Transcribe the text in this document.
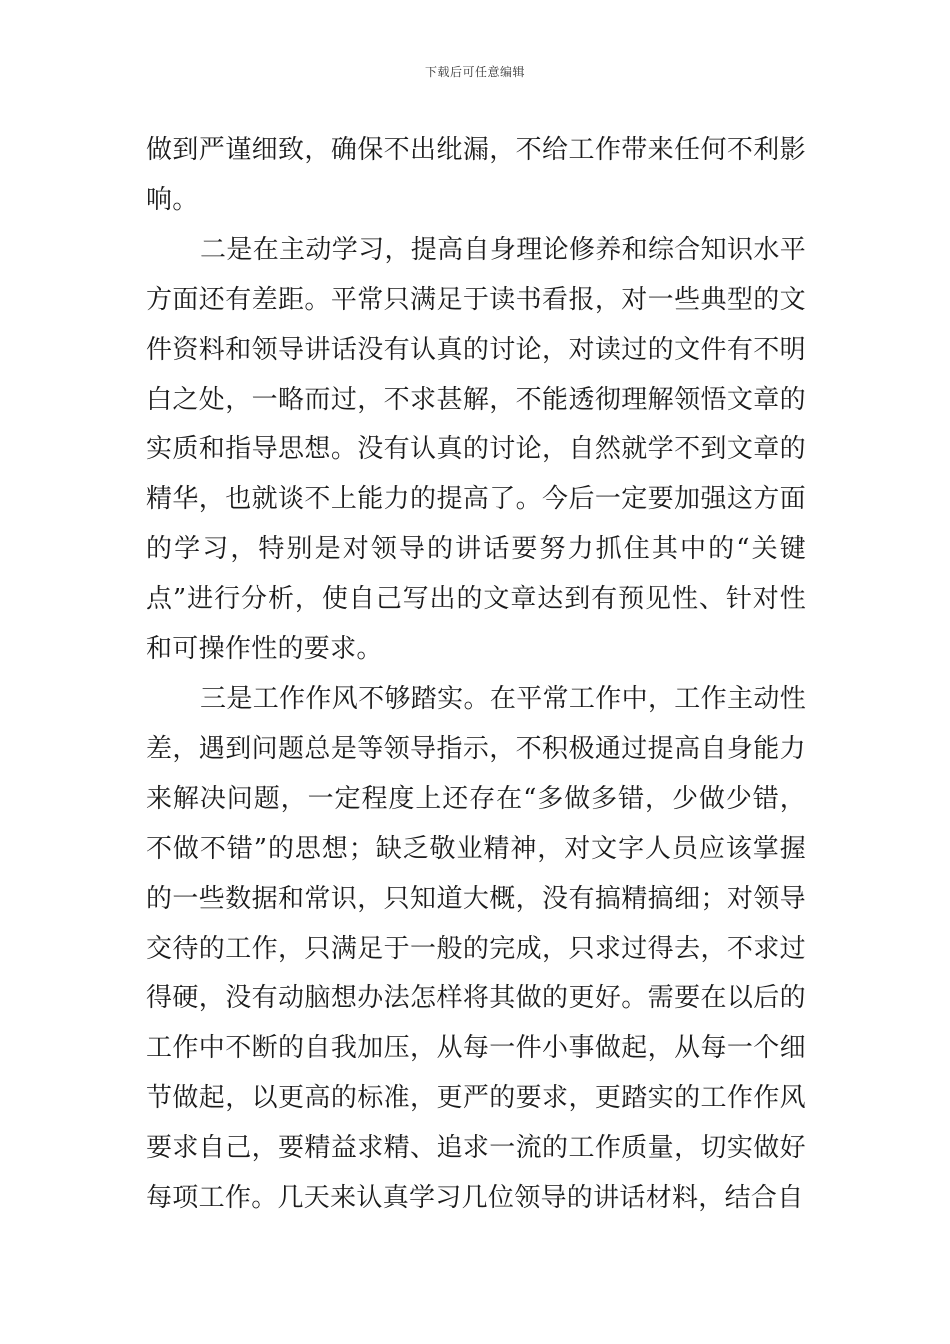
下载后可任意编辑

做到严谨细致，确保不出纰漏，不给工作带来任何不利影响。

二是在主动学习，提高自身理论修养和综合知识水平方面还有差距。平常只满足于读书看报，对一些典型的文件资料和领导讲话没有认真的讨论，对读过的文件有不明白之处，一略而过，不求甚解，不能透彻理解领悟文章的实质和指导思想。没有认真的讨论，自然就学不到文章的精华，也就谈不上能力的提高了。今后一定要加强这方面的学习，特别是对领导的讲话要努力抓住其中的“关键点”进行分析，使自己写出的文章达到有预见性、针对性和可操作性的要求。

三是工作作风不够踏实。在平常工作中，工作主动性差，遇到问题总是等领导指示，不积极通过提高自身能力来解决问题，一定程度上还存在“多做多错，少做少错，不做不错”的思想；缺乏敬业精神，对文字人员应该掌握的一些数据和常识，只知道大概，没有搞精搞细；对领导交待的工作，只满足于一般的完成，只求过得去，不求过得硬，没有动脑想办法怎样将其做的更好。需要在以后的工作中不断的自我加压，从每一件小事做起，从每一个细节做起，以更高的标准，更严的要求，更踏实的工作作风要求自己，要精益求精、追求一流的工作质量，切实做好每项工作。几天来认真学习几位领导的讲话材料，结合自
